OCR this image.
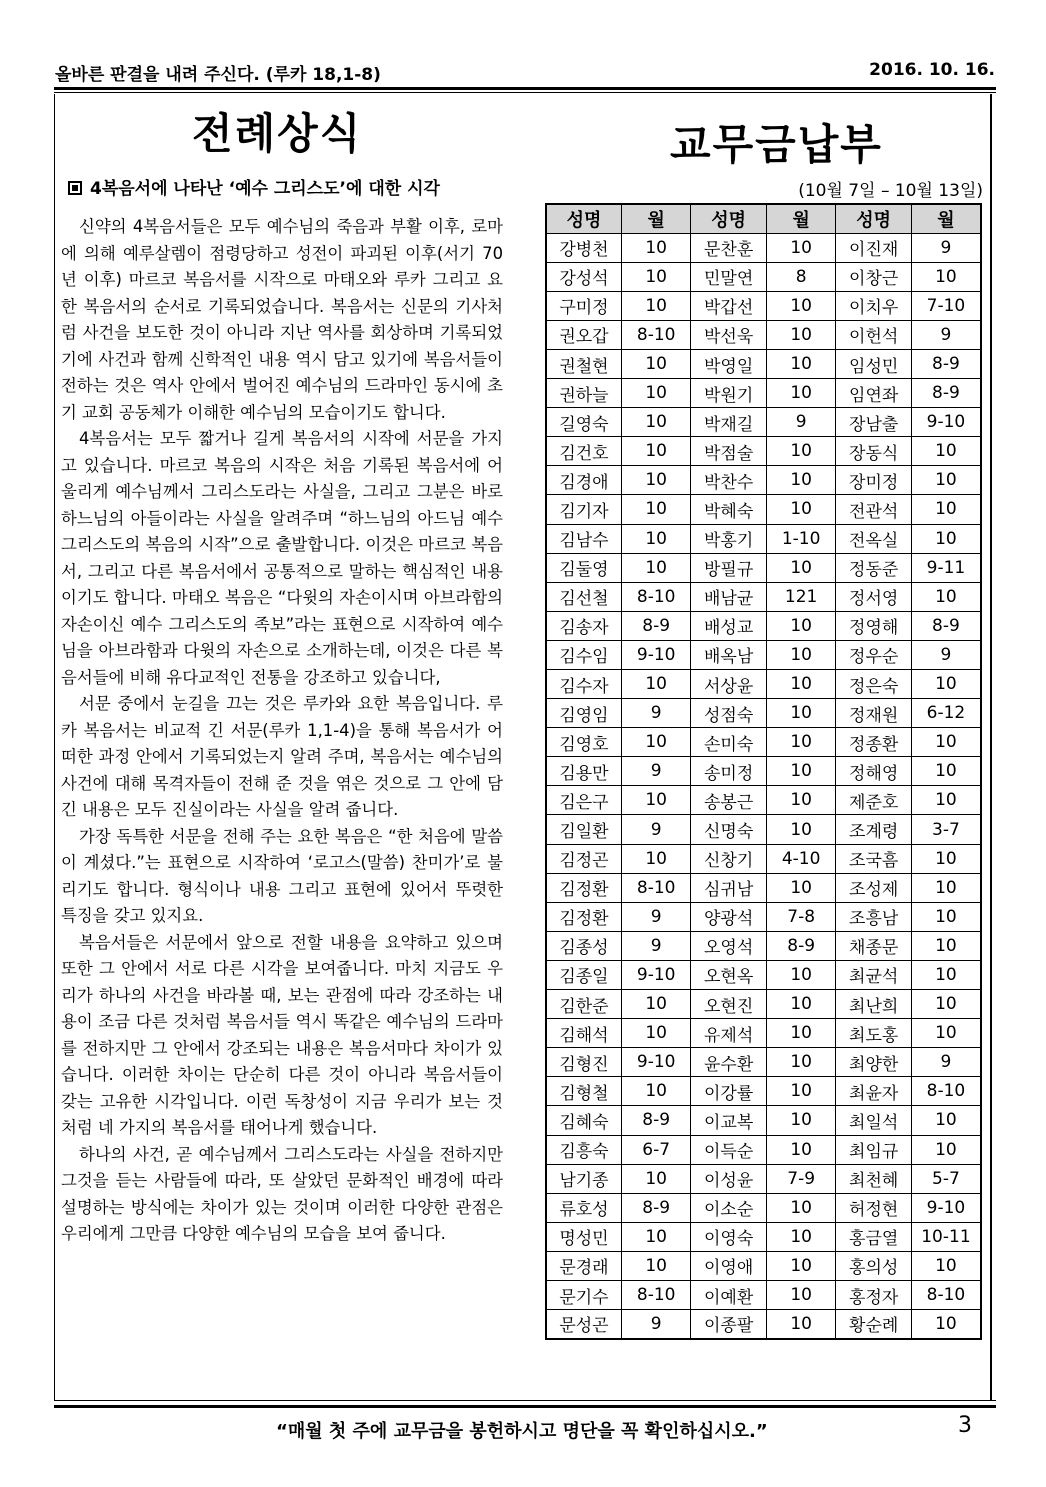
올바른 판결을 내려 주신다. (루카 18,1-8)	2016. 10. 16.
전례상식	교무금납부
4복음서에 나타난 ‘예수 그리스도’에 대한 시각

신약의 4복음서들은 모두 예수님의 죽음과 부활 이후, 로마에 의해 예루살렘이 점령당하고 성전이 파괴된 이후(서기 70년 이후) 마르코 복음서를 시작으로 마태오와 루카 그리고 요한 복음서의 순서로 기록되었습니다. 복음서는 신문의 기사처럼 사건을 보도한 것이 아니라 지난 역사를 회상하며 기록되었기에 사건과 함께 신학적인 내용 역시 담고 있기에 복음서들이 전하는 것은 역사 안에서 벌어진 예수님의 드라마인 동시에 초기 교회 공동체가 이해한 예수님의 모습이기도 합니다.

4복음서는 모두 짧거나 길게 복음서의 시작에 서문을 가지고 있습니다. 마르코 복음의 시작은 처음 기록된 복음서에 어울리게 예수님께서 그리스도라는 사실을, 그리고 그분은 바로 하느님의 아들이라는 사실을 알려주며 “하느님의 아드님 예수 그리스도의 복음의 시작”으로 출발합니다. 이것은 마르코 복음서, 그리고 다른 복음서에서 공통적으로 말하는 핵심적인 내용이기도 합니다. 마태오 복음은 “다윗의 자손이시며 아브라함의 자손이신 예수 그리스도의 족보”라는 표현으로 시작하여 예수님을 아브라함과 다윗의 자손으로 소개하는데, 이것은 다른 복음서들에 비해 유다교적인 전통을 강조하고 있습니다,

서문 중에서 눈길을 끄는 것은 루카와 요한 복음입니다. 루카 복음서는 비교적 긴 서문(루카 1,1-4)을 통해 복음서가 어떠한 과정 안에서 기록되었는지 알려 주며, 복음서는 예수님의 사건에 대해 목격자들이 전해 준 것을 엮은 것으로 그 안에 담긴 내용은 모두 진실이라는 사실을 알려 줍니다.

가장 독특한 서문을 전해 주는 요한 복음은 “한 처음에 말씀이 계셨다.”는 표현으로 시작하여 ‘로고스(말씀) 찬미가’로 불리기도 합니다. 형식이나 내용 그리고 표현에 있어서 뚜렷한 특징을 갖고 있지요.

복음서들은 서문에서 앞으로 전할 내용을 요약하고 있으며 또한 그 안에서 서로 다른 시각을 보여줍니다. 마치 지금도 우리가 하나의 사건을 바라볼 때, 보는 관점에 따라 강조하는 내용이 조금 다른 것처럼 복음서들 역시 똑같은 예수님의 드라마를 전하지만 그 안에서 강조되는 내용은 복음서마다 차이가 있습니다. 이러한 차이는 단순히 다른 것이 아니라 복음서들이 갖는 고유한 시각입니다. 이런 독창성이 지금 우리가 보는 것처럼 네 가지의 복음서를 태어나게 했습니다.

하나의 사건, 곧 예수님께서 그리스도라는 사실을 전하지만 그것을 듣는 사람들에 따라, 또 살았던 문화적인 배경에 따라 설명하는 방식에는 차이가 있는 것이며 이러한 다양한 관점은 우리에게 그만큼 다양한 예수님의 모습을 보여 줍니다.

(10월 7일 – 10월 13일)
성명	월	성명	월	성명	월
강병천	10	문찬훈	10	이진재	9
강성석	10	민말연	8	이창근	10
구미정	10	박갑선	10	이치우	7-10
권오갑	8-10	박선욱	10	이헌석	9
권철현	10	박영일	10	임성민	8-9
권하늘	10	박원기	10	임연좌	8-9
길영숙	10	박재길	9	장남출	9-10
김건호	10	박점술	10	장동식	10
김경애	10	박찬수	10	장미정	10
김기자	10	박혜숙	10	전관석	10
김남수	10	박홍기	1-10	전옥실	10
김둘영	10	방필규	10	정동준	9-11
김선철	8-10	배남균	121	정서영	10
김송자	8-9	배성교	10	정영해	8-9
김수임	9-10	배옥남	10	정우순	9
김수자	10	서상윤	10	정은숙	10
김영임	9	성점숙	10	정재원	6-12
김영호	10	손미숙	10	정종환	10
김용만	9	송미정	10	정해영	10
김은구	10	송봉근	10	제준호	10
김일환	9	신명숙	10	조계령	3-7
김정곤	10	신창기	4-10	조국흠	10
김정환	8-10	심귀남	10	조성제	10
김정환	9	양광석	7-8	조흥남	10
김종성	9	오영석	8-9	채종문	10
김종일	9-10	오현옥	10	최균석	10
김한준	10	오현진	10	최난희	10
김해석	10	유제석	10	최도홍	10
김형진	9-10	윤수환	10	최양한	9
김형철	10	이강률	10	최윤자	8-10
김혜숙	8-9	이교복	10	최일석	10
김흥숙	6-7	이득순	10	최임규	10
남기종	10	이성윤	7-9	최천혜	5-7
류호성	8-9	이소순	10	허정현	9-10
명성민	10	이영숙	10	홍금열	10-11
문경래	10	이영애	10	홍의성	10
문기수	8-10	이예환	10	홍정자	8-10
문성곤	9	이종팔	10	황순례	10
“매월 첫 주에 교무금을 봉헌하시고 명단을 꼭 확인하십시오.”	3
